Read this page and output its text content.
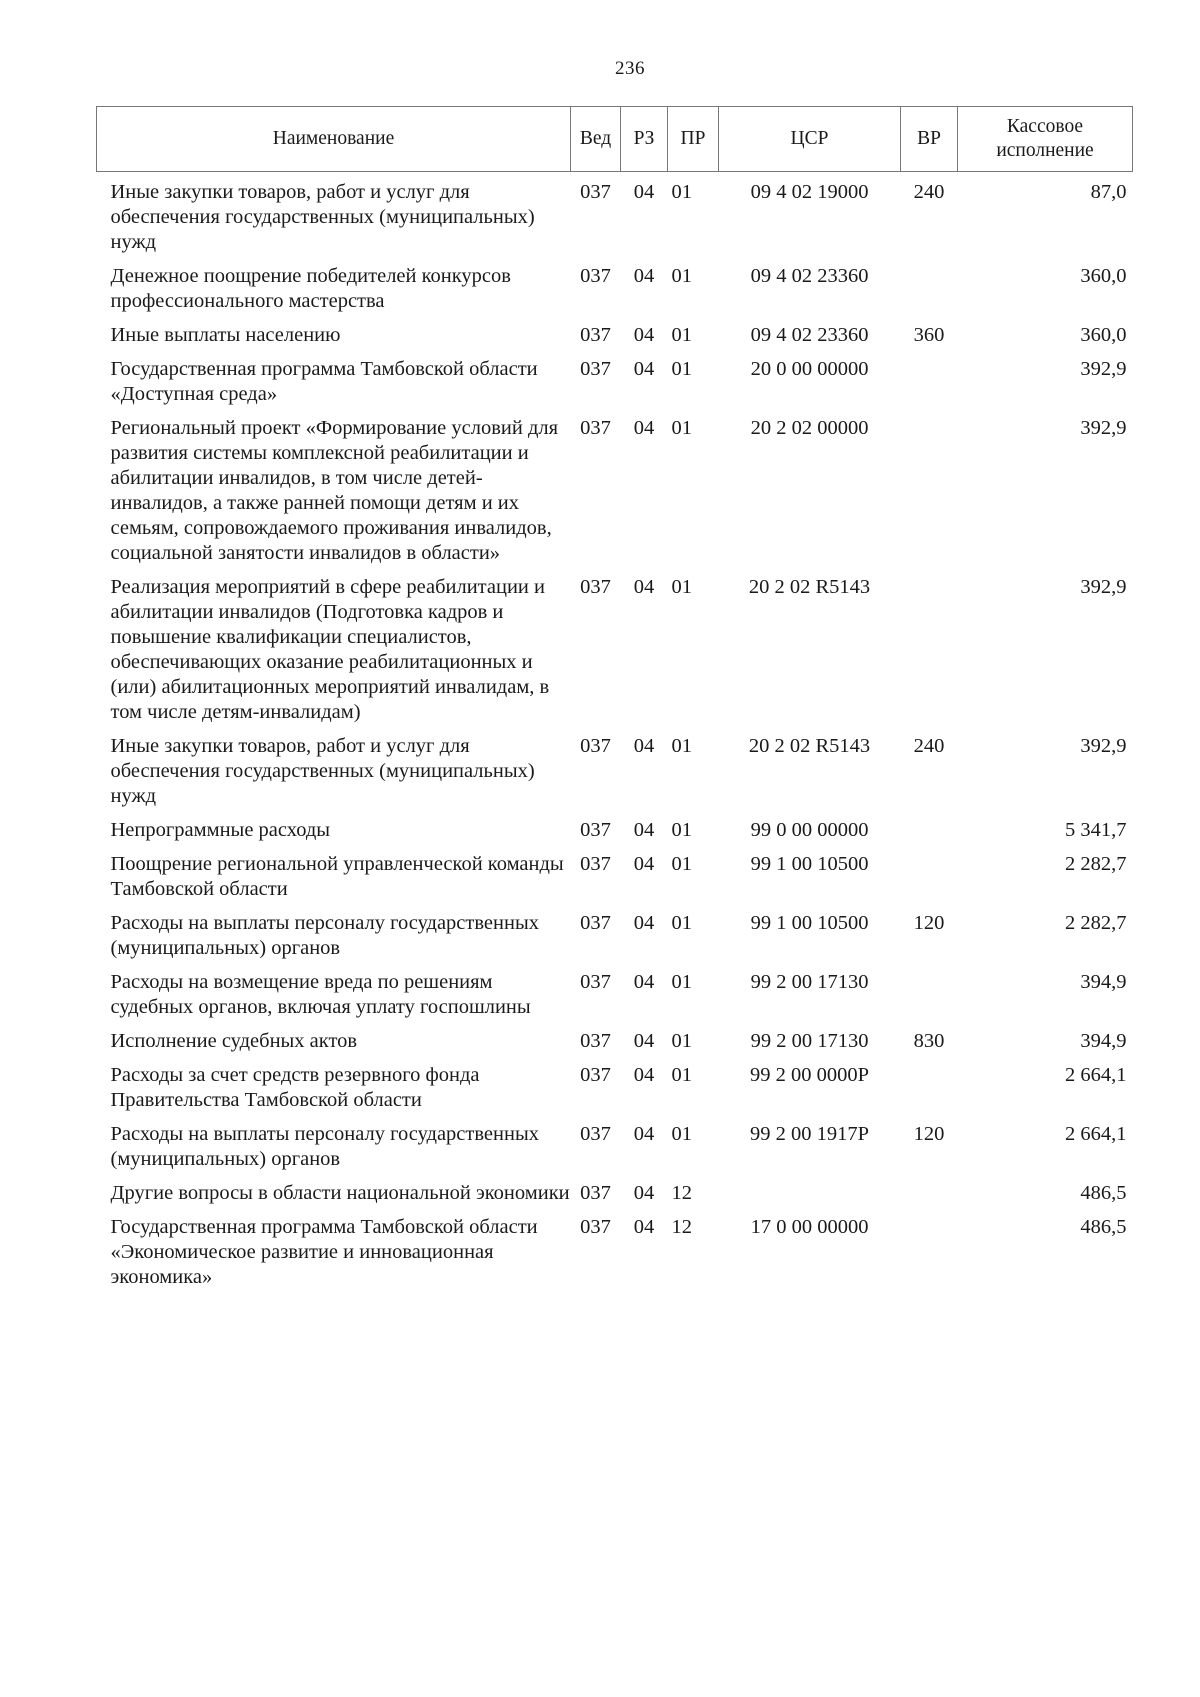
236
Наименование	Вед	РЗ	ПР	ЦСР	ВР	Кассовое исполнение
Иные закупки товаров, работ и услуг для обеспечения государственных (муниципальных) нужд	037	04	01	09 4 02 19000	240	87,0
Денежное поощрение победителей конкурсов профессионального мастерства	037	04	01	09 4 02 23360		360,0
Иные выплаты населению	037	04	01	09 4 02 23360	360	360,0
Государственная программа Тамбовской области «Доступная среда»	037	04	01	20 0 00 00000		392,9
Региональный проект «Формирование условий для развития системы комплексной реабилитации и абилитации инвалидов, в том числе детей-инвалидов, а также ранней помощи детям и их семьям, сопровождаемого проживания инвалидов, социальной занятости инвалидов в области»	037	04	01	20 2 02 00000		392,9
Реализация мероприятий в сфере реабилитации и абилитации инвалидов (Подготовка кадров и повышение квалификации специалистов, обеспечивающих оказание реабилитационных и (или) абилитационных мероприятий инвалидам, в том числе детям-инвалидам)	037	04	01	20 2 02 R5143		392,9
Иные закупки товаров, работ и услуг для обеспечения государственных (муниципальных) нужд	037	04	01	20 2 02 R5143	240	392,9
Непрограммные расходы	037	04	01	99 0 00 00000		5 341,7
Поощрение региональной управленческой команды Тамбовской области	037	04	01	99 1 00 10500		2 282,7
Расходы на выплаты персоналу государственных (муниципальных) органов	037	04	01	99 1 00 10500	120	2 282,7
Расходы на возмещение вреда по решениям судебных органов, включая уплату госпошлины	037	04	01	99 2 00 17130		394,9
Исполнение судебных актов	037	04	01	99 2 00 17130	830	394,9
Расходы за счет средств резервного фонда Правительства Тамбовской области	037	04	01	99 2 00 0000Р		2 664,1
Расходы на выплаты персоналу государственных (муниципальных) органов	037	04	01	99 2 00 1917Р	120	2 664,1
Другие вопросы в области национальной экономики	037	04	12			486,5
Государственная программа Тамбовской области «Экономическое развитие и инновационная экономика»	037	04	12	17 0 00 00000		486,5
